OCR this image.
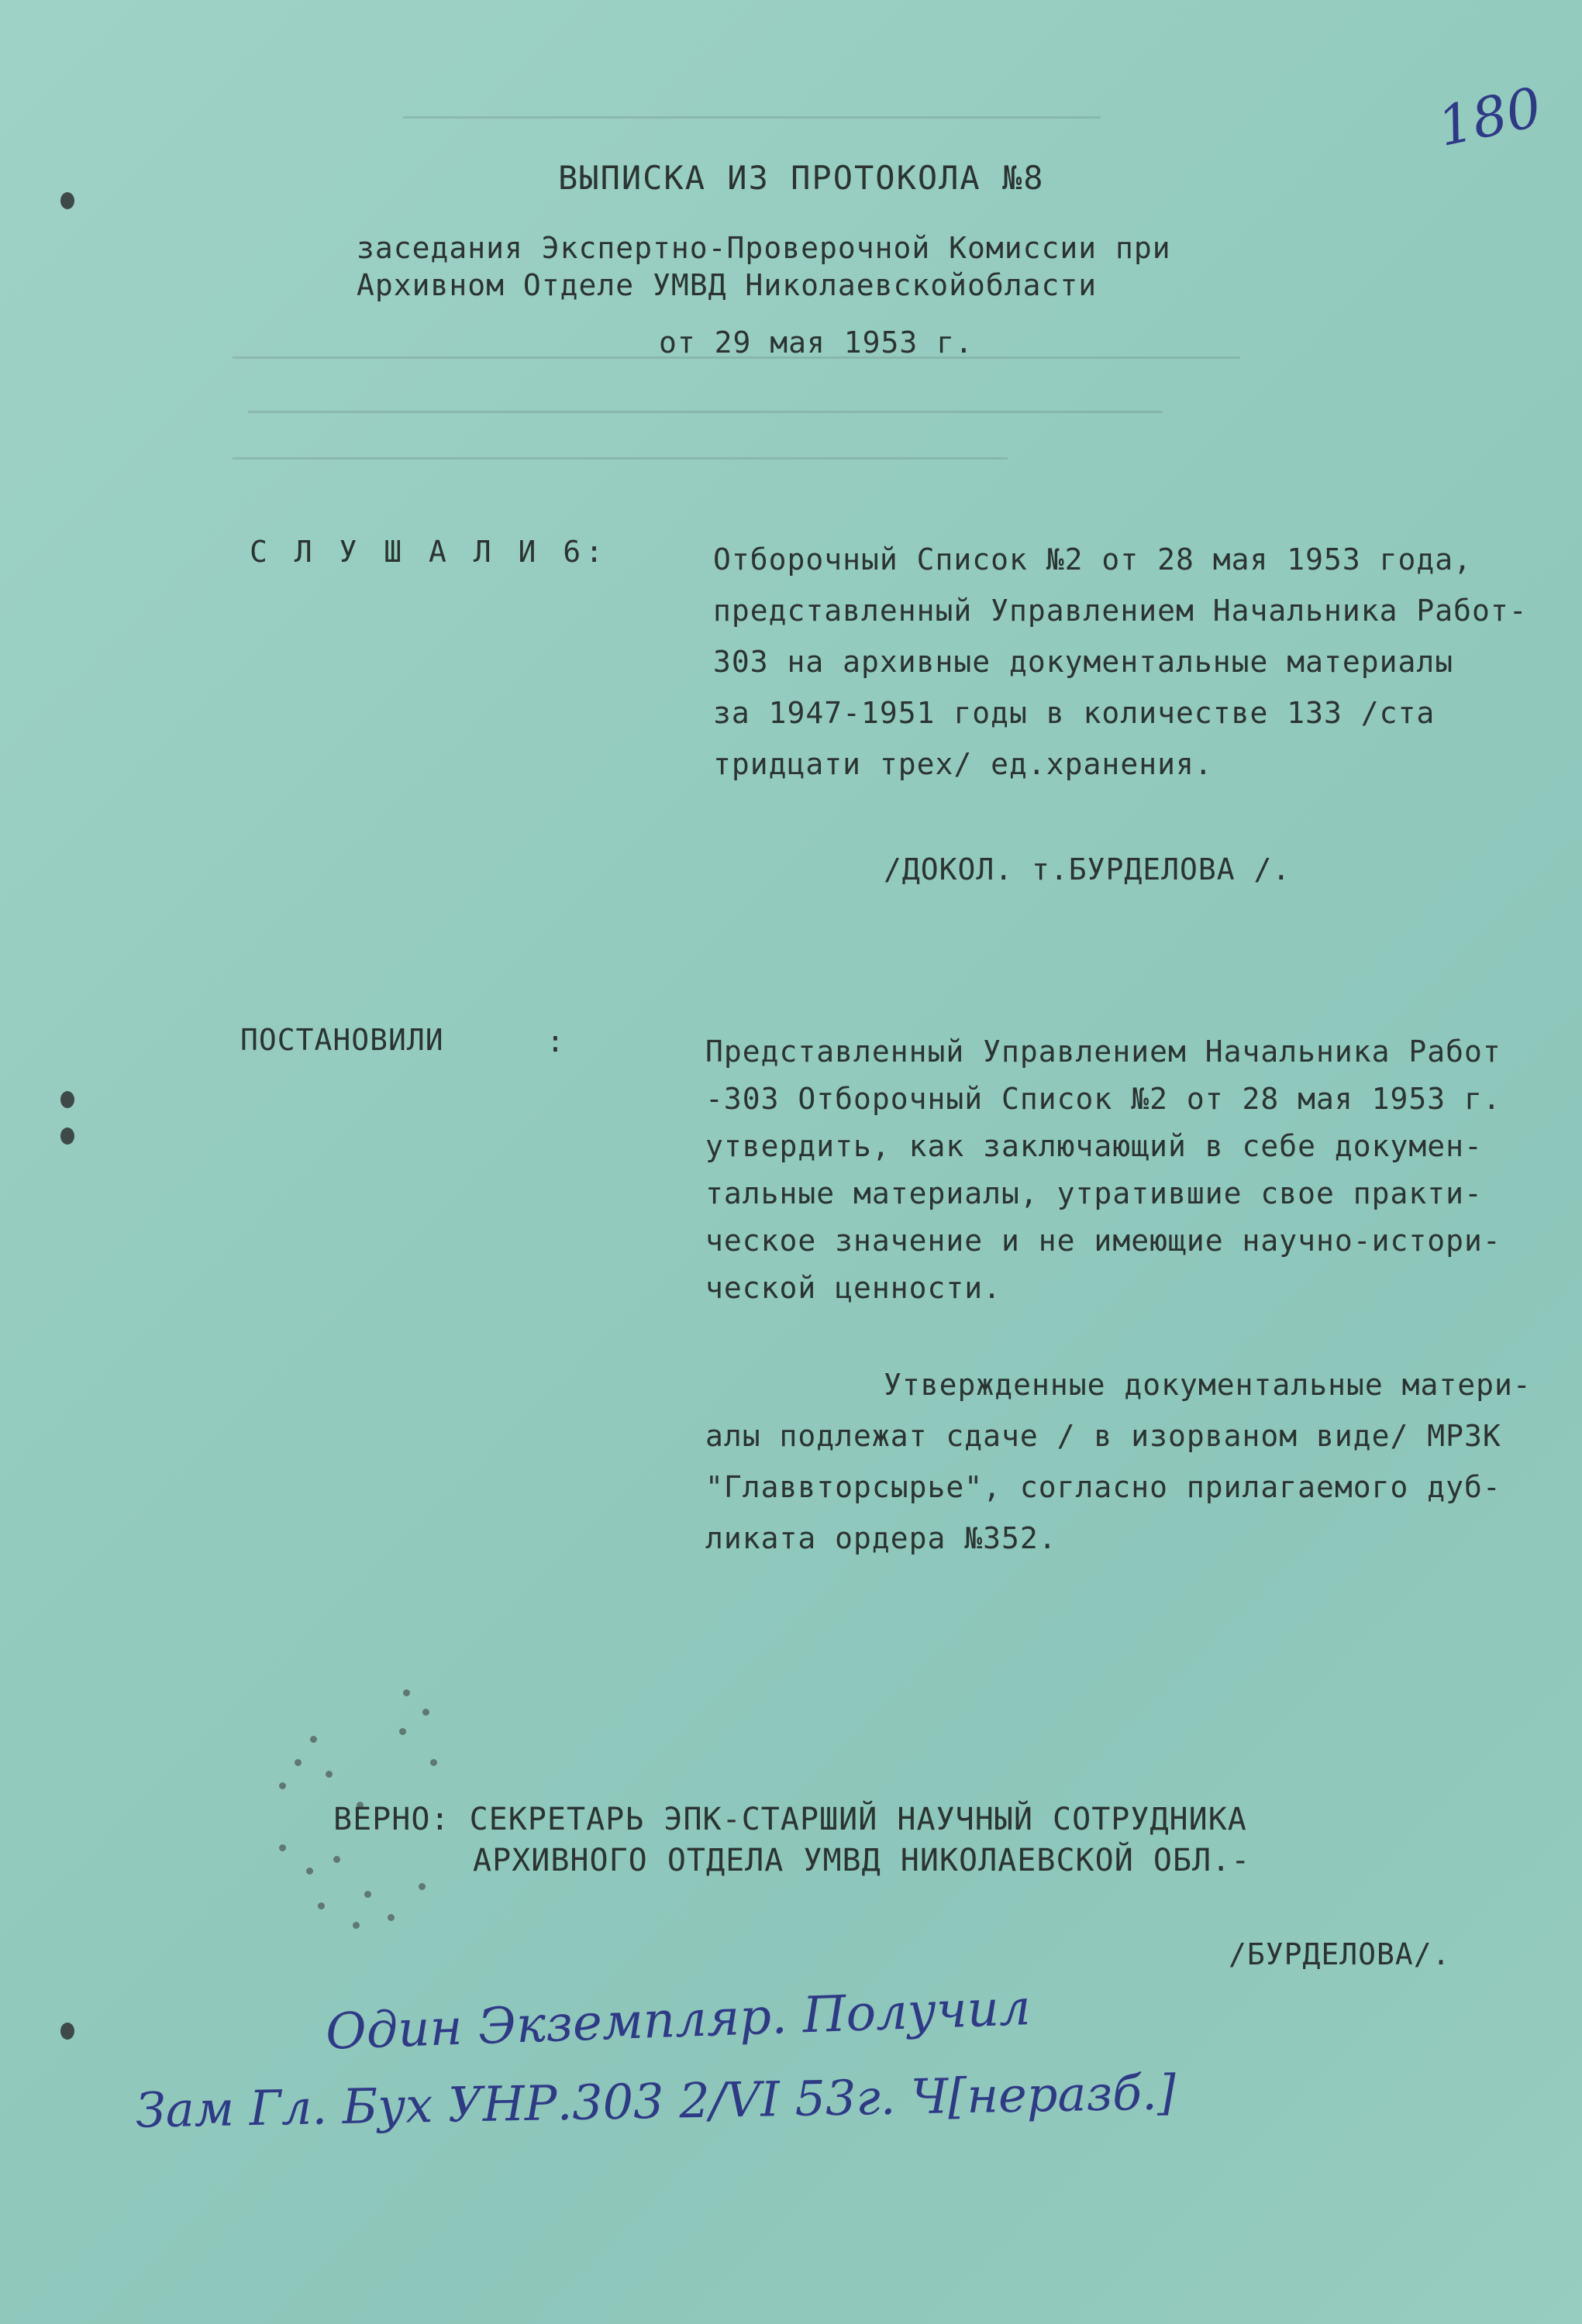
180
ВЫПИСКА ИЗ ПРОТОКОЛА №8
заседания Экспертно-Проверочной Комиссии при
Архивном Отделе УМВД Николаевскойобласти
от 29 мая 1953 г.
С Л У Ш А Л И 6:	Отборочный Список №2 от 28 мая 1953 года,
представленный Управлением Начальника Работ-
303 на архивные документальные материалы
за 1947-1951 годы в количестве 133 /ста
тридцати трех/ ед.хранения.
/ДОКОЛ. т.БУРДЕЛОВА /.
ПОСТАНОВИЛИ	:	Представленный Управлением Начальника Работ
-303 Отборочный Список №2 от 28 мая 1953 г.
утвердить, как заключающий в себе докумен-
тальные материалы, утратившие свое практи-
ческое значение и не имеющие научно-истори-
ческой ценности.
Утвержденные документальные матери-
алы подлежат сдаче / в изорваном виде/ МРЗК
"Главвторсырье", согласно прилагаемого дуб-
ликата ордера №352.
ВЕРНО: СЕКРЕТАРЬ ЭПК-СТАРШИЙ НАУЧНЫЙ СОТРУДНИКА
АРХИВНОГО ОТДЕЛА УМВД НИКОЛАЕВСКОЙ ОБЛ.-
/БУРДЕЛОВА/.
Один Экземпляр. Получил
Зам Гл. Бух УНР.303 2/VI 53г. Ч[неразб.]
